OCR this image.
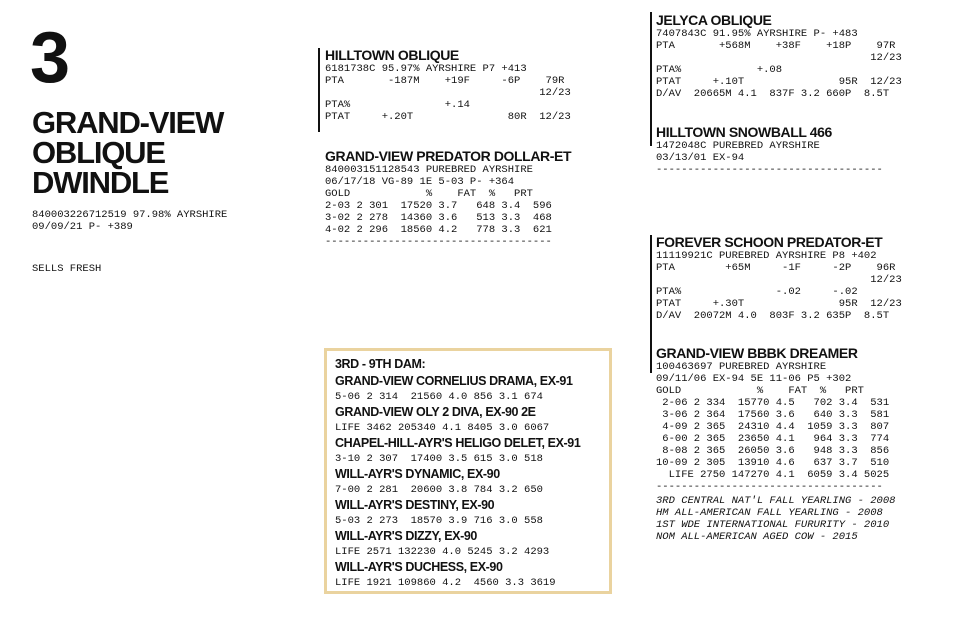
3
GRAND-VIEW
OBLIQUE
DWINDLE
840003226712519 97.98% AYRSHIRE
09/09/21 P- +389
SELLS FRESH
HILLTOWN OBLIQUE
6181738C 95.97% AYRSHIRE P7 +413
PTA       -187M    +19F     -6P    79R
12/23
PTA%               +.14
PTAT     +.20T               80R  12/23
GRAND-VIEW PREDATOR DOLLAR-ET
840003151128543 PUREBRED AYRSHIRE
06/17/18 VG-89 1E 5-03 P- +364
GOLD            %    FAT  %   PRT
2-03 2 301  17520 3.7   648 3.4  596
3-02 2 278  14360 3.6   513 3.3  468
4-02 2 296  18560 4.2   778 3.3  621
------------------------------------
JELYCA OBLIQUE
7407843C 91.95% AYRSHIRE P- +483
PTA       +568M    +38F    +18P    97R
12/23
PTA%            +.08
PTAT     +.10T               95R  12/23
D/AV  20665M 4.1  837F 3.2 660P  8.5T
HILLTOWN SNOWBALL 466
1472048C PUREBRED AYRSHIRE
03/13/01 EX-94
------------------------------------
FOREVER SCHOON PREDATOR-ET
11119921C PUREBRED AYRSHIRE P8 +402
PTA        +65M     -1F     -2P    96R
12/23
PTA%               -.02     -.02
PTAT     +.30T               95R  12/23
D/AV  20072M 4.0  803F 3.2 635P  8.5T
GRAND-VIEW BBBK DREAMER
100463697 PUREBRED AYRSHIRE
09/11/06 EX-94 5E 11-06 P5 +302
GOLD            %    FAT  %   PRT
2-06 2 334  15770 4.5   702 3.4  531
3-06 2 364  17560 3.6   640 3.3  581
4-09 2 365  24310 4.4  1059 3.3  807
6-00 2 365  23650 4.1   964 3.3  774
8-08 2 365  26050 3.6   948 3.3  856
10-09 2 305  13910 4.6   637 3.7  510
LIFE 2750 147270 4.1  6059 3.4 5025
------------------------------------
3RD CENTRAL NAT'L FALL YEARLING - 2008
HM ALL-AMERICAN FALL YEARLING - 2008
1ST WDE INTERNATIONAL FURURITY - 2010
NOM ALL-AMERICAN AGED COW - 2015
3RD - 9TH DAM:
GRAND-VIEW CORNELIUS DRAMA, EX-91
5-06 2 314  21560 4.0 856 3.1 674
GRAND-VIEW OLY 2 DIVA, EX-90 2E
LIFE 3462 205340 4.1 8405 3.0 6067
CHAPEL-HILL-AYR'S HELIGO DELET, EX-91
3-10 2 307  17400 3.5 615 3.0 518
WILL-AYR'S DYNAMIC, EX-90
7-00 2 281  20600 3.8 784 3.2 650
WILL-AYR'S DESTINY, EX-90
5-03 2 273  18570 3.9 716 3.0 558
WILL-AYR'S DIZZY, EX-90
LIFE 2571 132230 4.0 5245 3.2 4293
WILL-AYR'S DUCHESS, EX-90
LIFE 1921 109860 4.2  4560 3.3 3619
